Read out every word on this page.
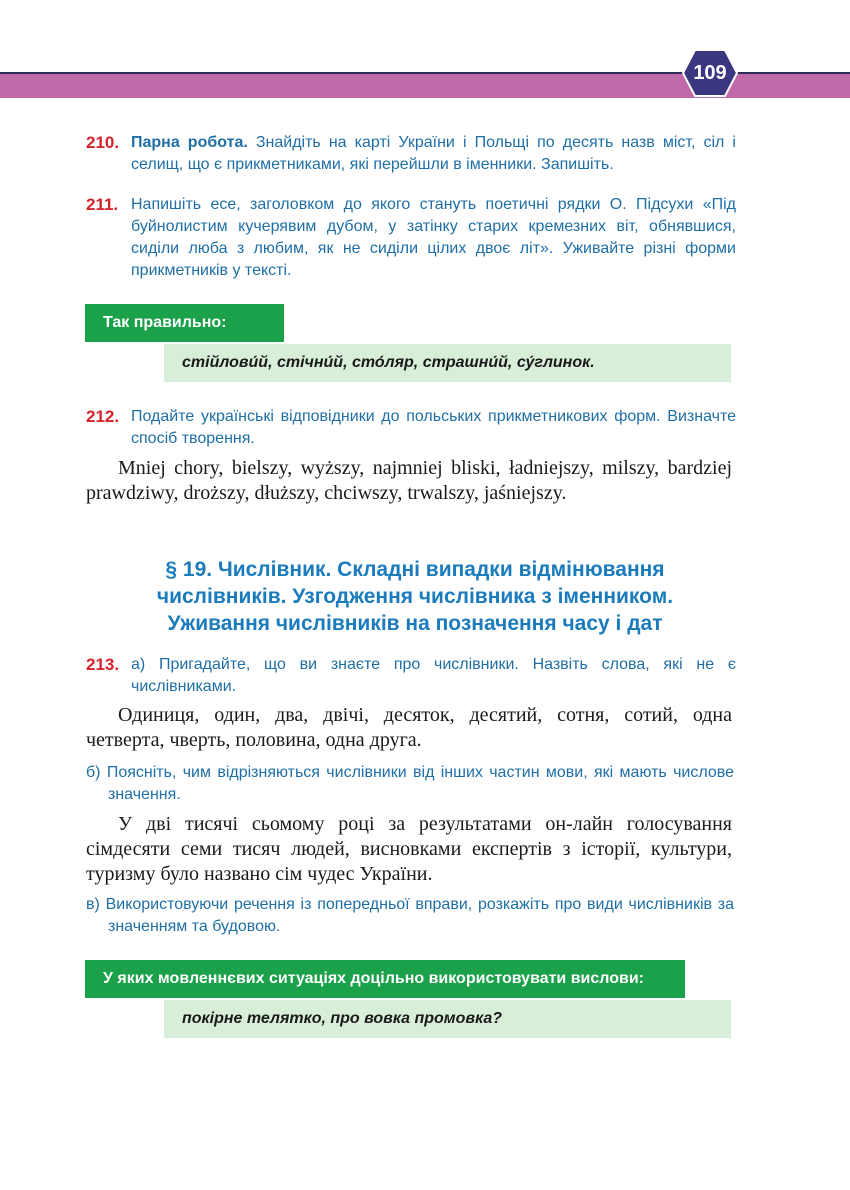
109
210. Парна робота. Знайдіть на карті України і Польщі по десять назв міст, сіл і селищ, що є прикметниками, які перейшли в іменники. Запишіть.
211. Напишіть есе, заголовком до якого стануть поетичні рядки О. Підсухи «Під буйнолистим кучерявим дубом, у затінку старих кремезних віт, обнявшися, сиділи люба з любим, як не сиділи цілих двоє літ». Уживайте різні форми прикметників у тексті.
Так правильно:
стійлови́й, стічни́й, сто́ляр, страшни́й, су́глинок.
212. Подайте українські відповідники до польських прикметникових форм. Визначте спосіб творення.
Mniej chory, bielszy, wyższy, najmniej bliski, ładniejszy, milszy, bardziej prawdziwy, droższy, dłuższy, chciwszy, trwalszy, jaśniejszy.
§ 19. Числівник. Складні випадки відмінювання
числівників. Узгодження числівника з іменником.
Уживання числівників на позначення часу і дат
213. а) Пригадайте, що ви знаєте про числівники. Назвіть слова, які не є числівниками.
Одиниця, один, два, двічі, десяток, десятий, сотня, сотий, одна четверта, чверть, половина, одна друга.
б) Поясніть, чим відрізняються числівники від інших частин мови, які мають числове значення.
У дві тисячі сьомому році за результатами он-лайн голосування сімдесяти семи тисяч людей, висновками експертів з історії, культури, туризму було названо сім чудес України.
в) Використовуючи речення із попередньої вправи, розкажіть про види числівників за значенням та будовою.
У яких мовленнєвих ситуаціях доцільно використовувати вислови:
покірне телятко, про вовка промовка?
